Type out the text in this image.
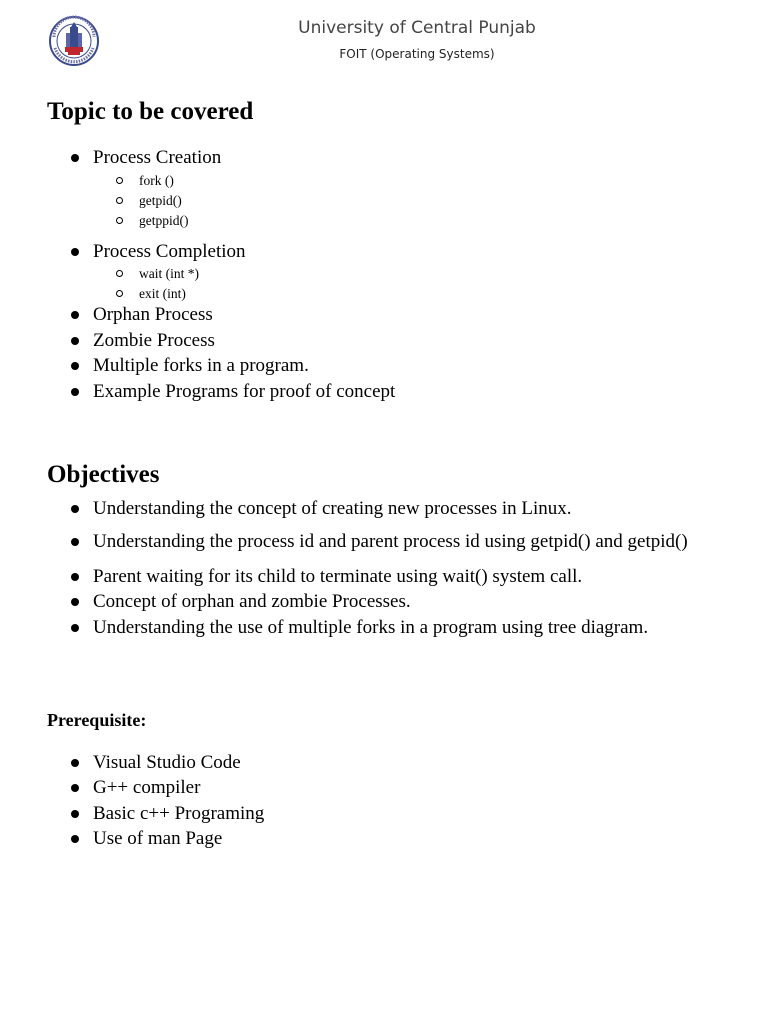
University of Central Punjab
FOIT (Operating Systems)
Topic to be covered
Process Creation
fork ()
getpid()
getppid()
Process Completion
wait (int *)
exit (int)
Orphan Process
Zombie Process
Multiple forks in a program.
Example Programs for proof of concept
Objectives
Understanding the concept of creating new processes in Linux.
Understanding the process id and parent process id using getpid() and getpid()
Parent waiting for its child to terminate using wait() system call.
Concept of orphan and zombie Processes.
Understanding the use of multiple forks in a program using tree diagram.
Prerequisite:
Visual Studio Code
G++ compiler
Basic c++ Programing
Use of man Page
